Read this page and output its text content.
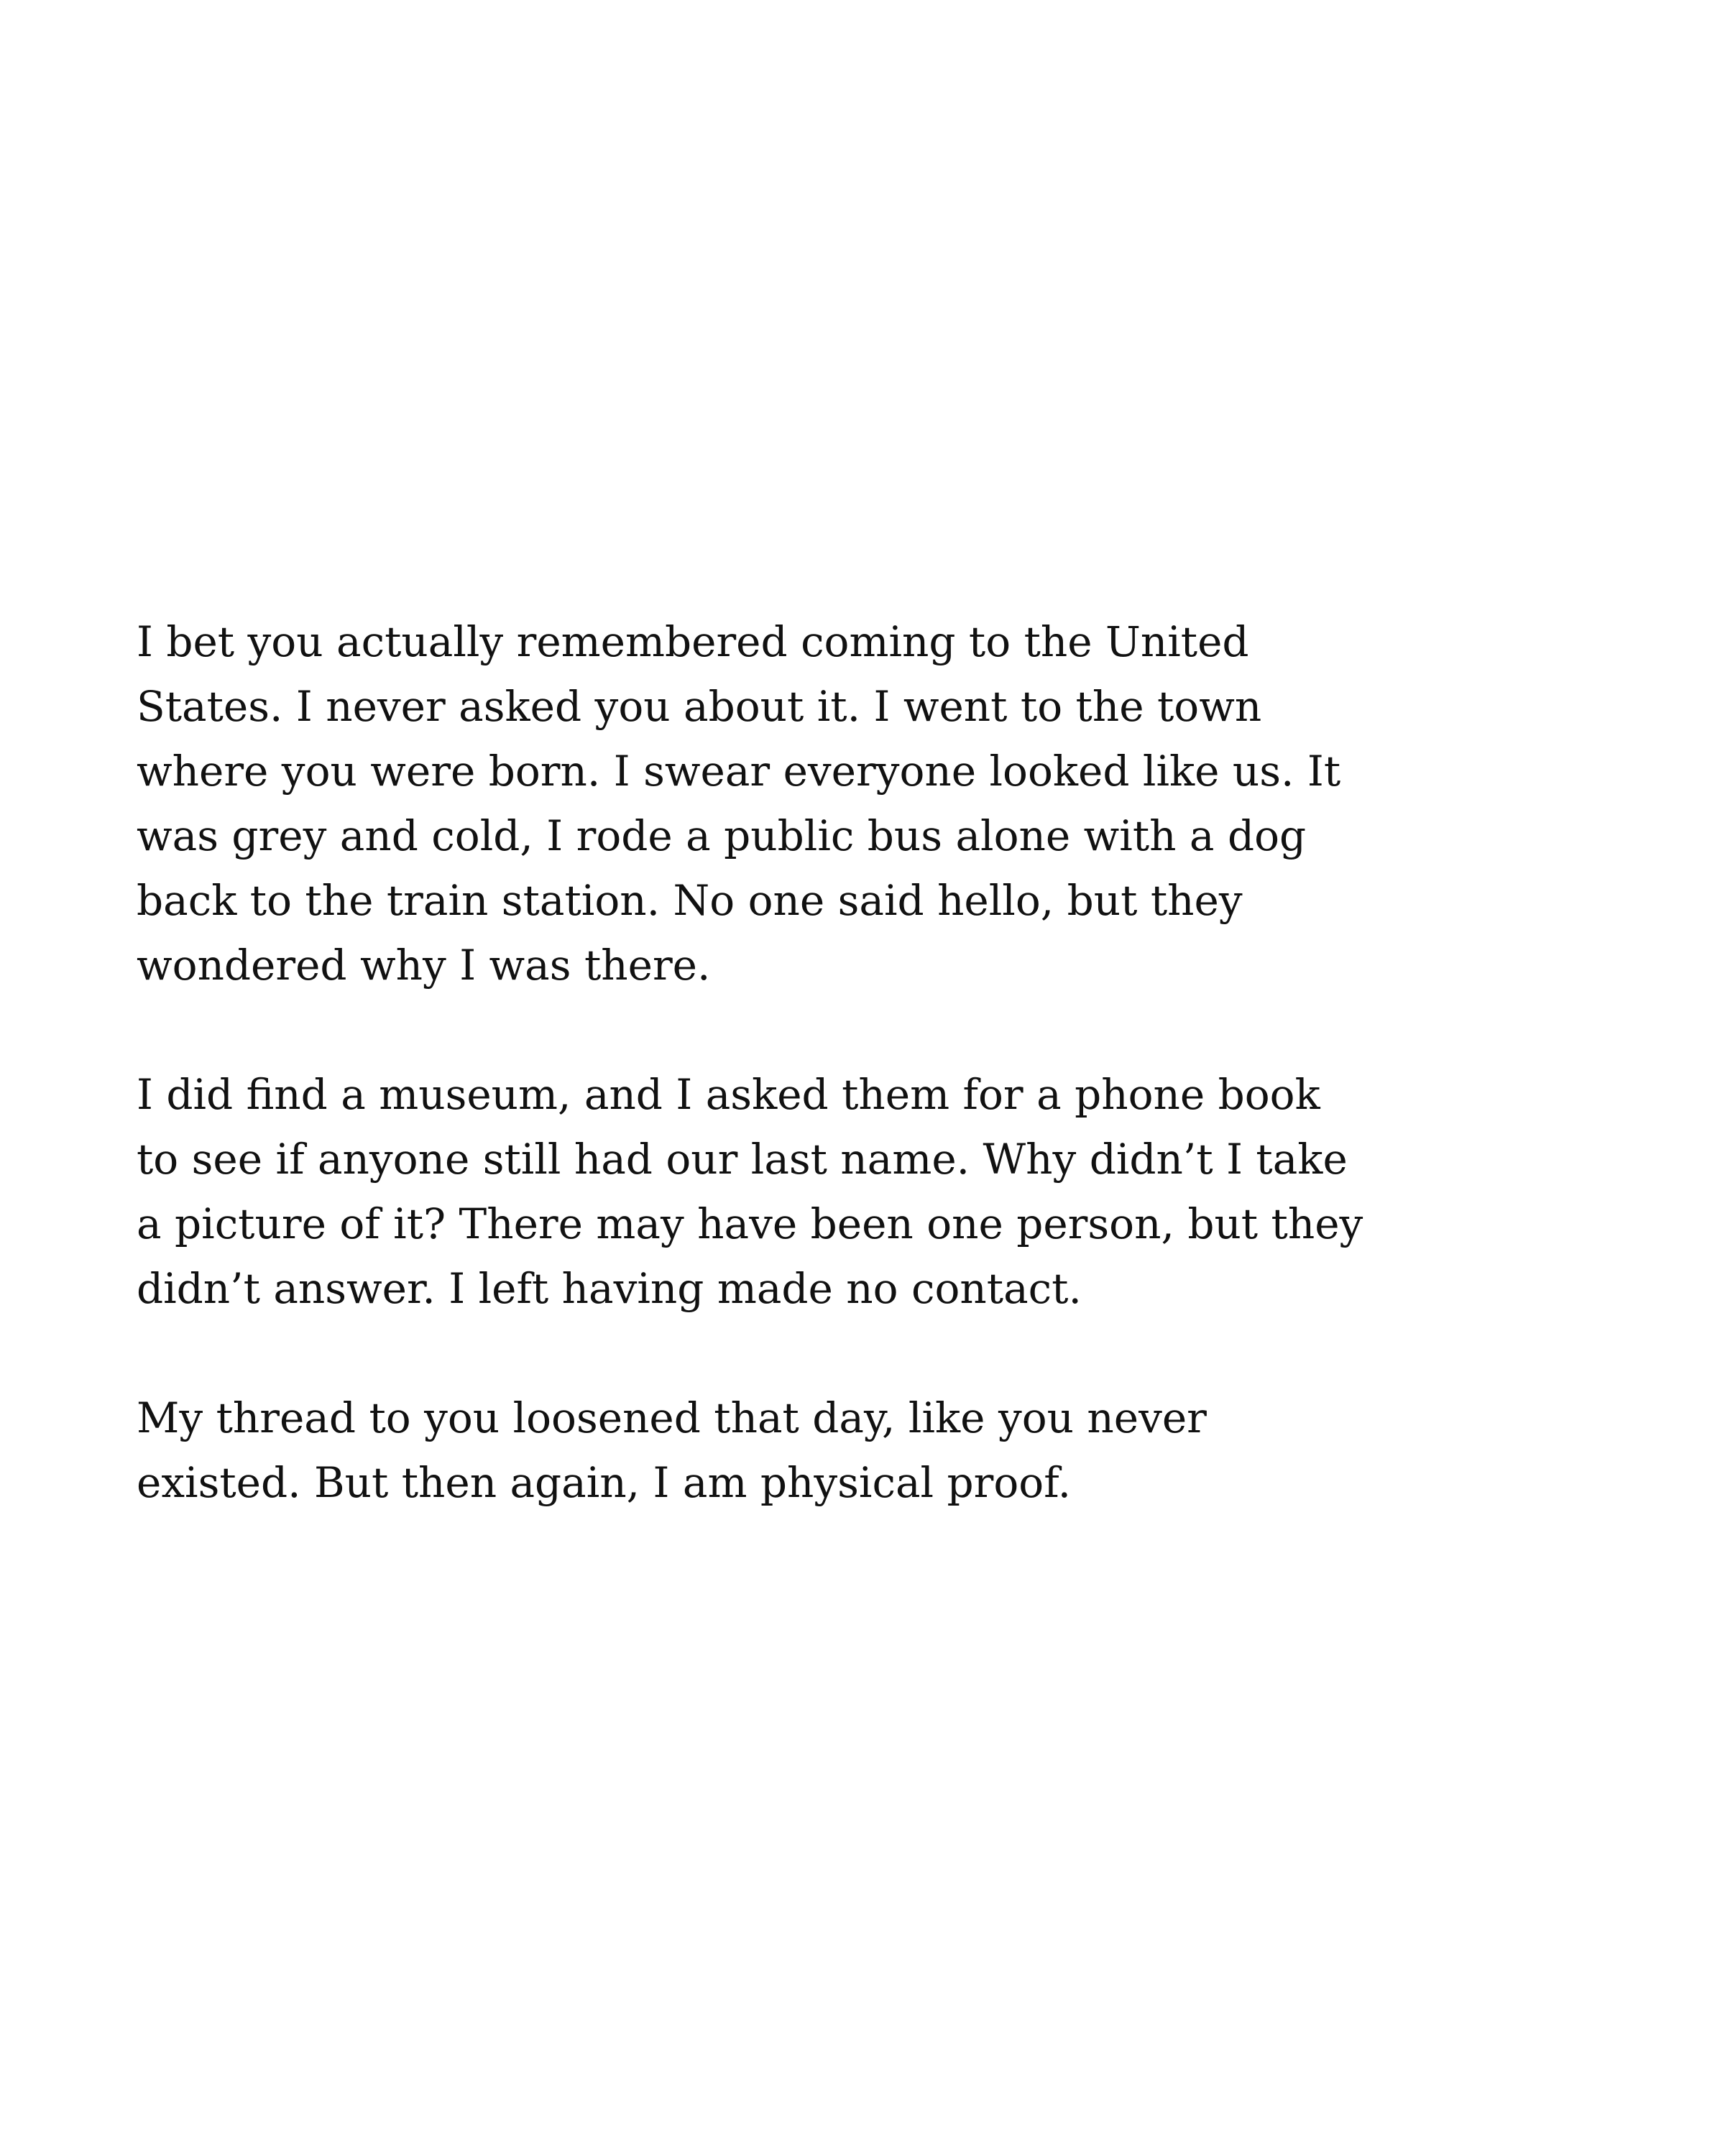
I bet you actually remembered coming to the United
States. I never asked you about it. I went to the town
where you were born. I swear everyone looked like us. It
was grey and cold, I rode a public bus alone with a dog
back to the train station. No one said hello, but they
wondered why I was there.

I did find a museum, and I asked them for a phone book
to see if anyone still had our last name. Why didn’t I take
a picture of it? There may have been one person, but they
didn’t answer. I left having made no contact.

My thread to you loosened that day, like you never
existed. But then again, I am physical proof.
